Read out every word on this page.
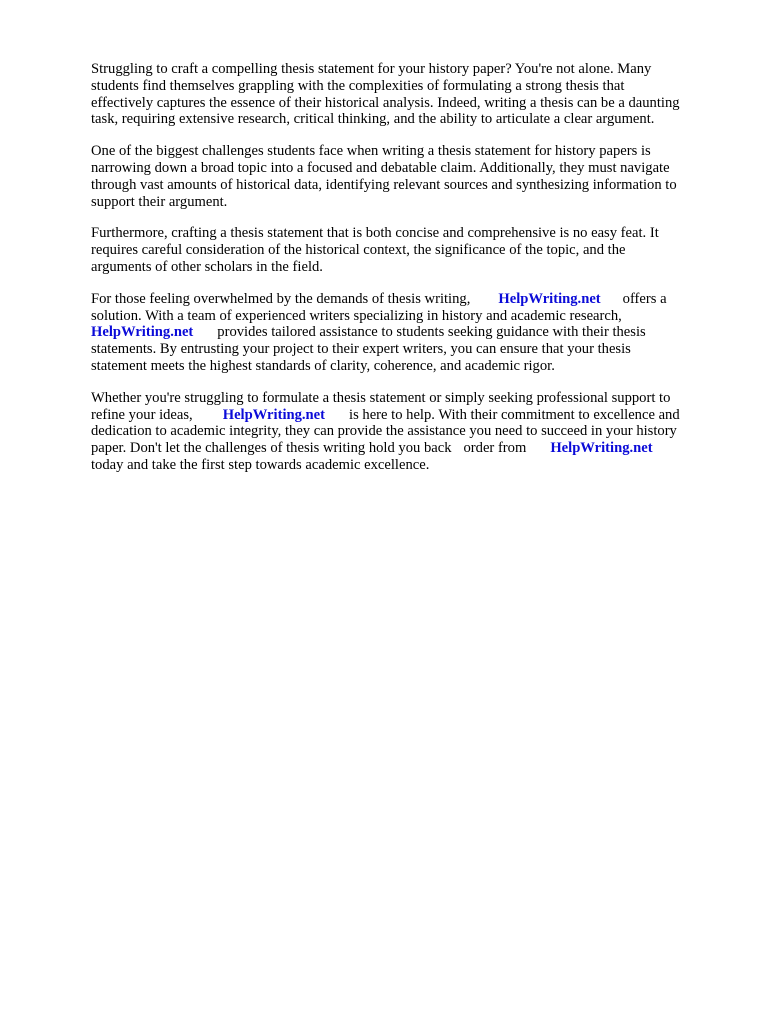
Struggling to craft a compelling thesis statement for your history paper? You're not alone. Many
students find themselves grappling with the complexities of formulating a strong thesis that
effectively captures the essence of their historical analysis. Indeed, writing a thesis can be a daunting
task, requiring extensive research, critical thinking, and the ability to articulate a clear argument.

One of the biggest challenges students face when writing a thesis statement for history papers is
narrowing down a broad topic into a focused and debatable claim. Additionally, they must navigate
through vast amounts of historical data, identifying relevant sources and synthesizing information to
support their argument.

Furthermore, crafting a thesis statement that is both concise and comprehensive is no easy feat. It
requires careful consideration of the historical context, the significance of the topic, and the
arguments of other scholars in the field.

For those feeling overwhelmed by the demands of thesis writing, HelpWriting.net offers a
solution. With a team of experienced writers specializing in history and academic research,
HelpWriting.net provides tailored assistance to students seeking guidance with their thesis
statements. By entrusting your project to their expert writers, you can ensure that your thesis
statement meets the highest standards of clarity, coherence, and academic rigor.

Whether you're struggling to formulate a thesis statement or simply seeking professional support to
refine your ideas, HelpWriting.net is here to help. With their commitment to excellence and
dedication to academic integrity, they can provide the assistance you need to succeed in your history
paper. Don't let the challenges of thesis writing hold you back order from HelpWriting.net
today and take the first step towards academic excellence.
